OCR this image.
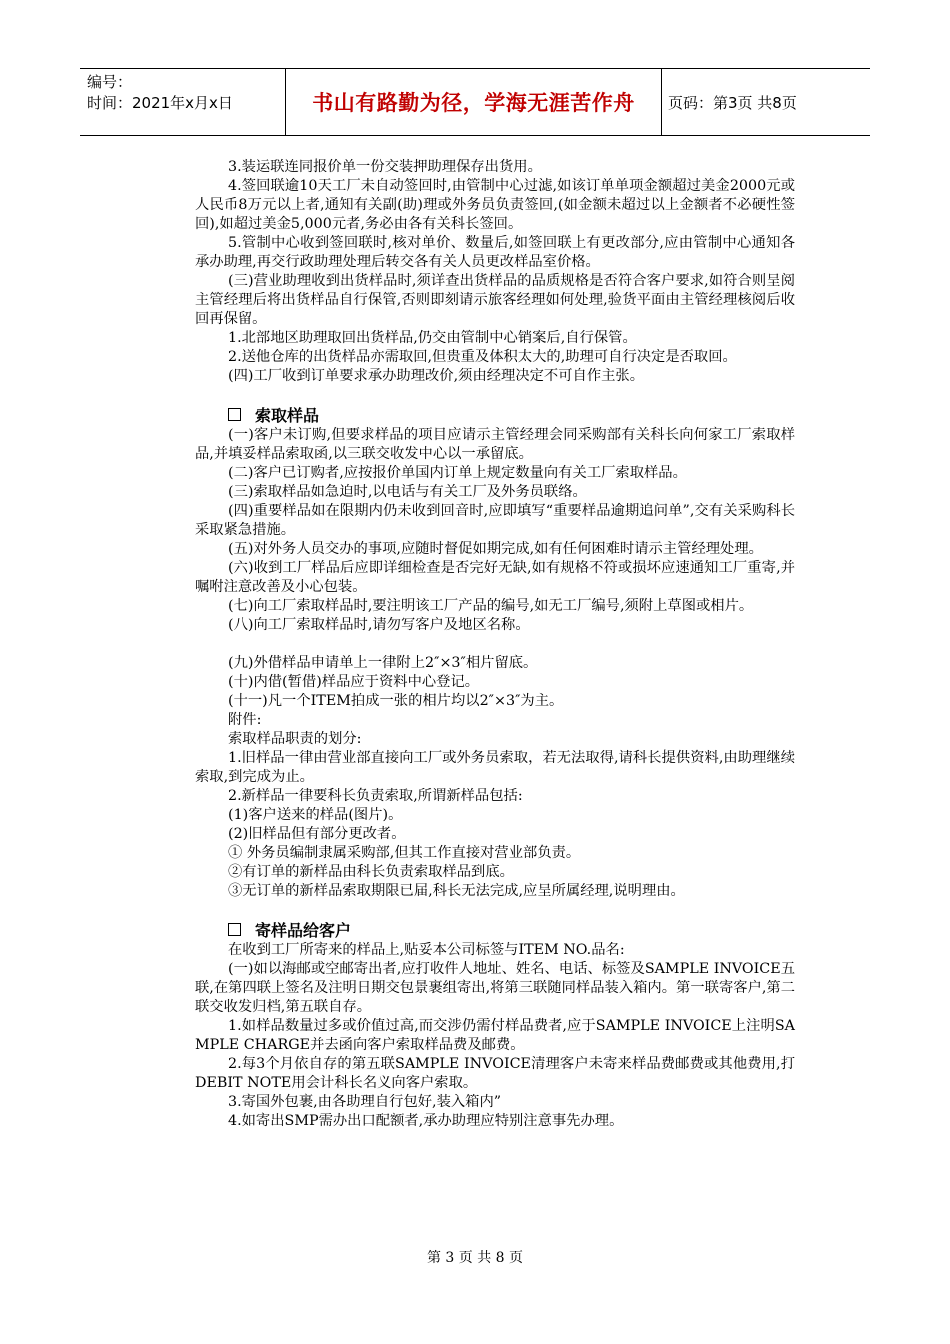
编号：
时间：2021年x月x日	书山有路勤为径，学海无涯苦作舟	页码：第3页 共8页

3.装运联连同报价单一份交装押助理保存出货用。

4.签回联逾10天工厂未自动签回时,由管制中心过滤,如该订单单项金额超过美金2000元或人民币8万元以上者,通知有关副(助)理或外务员负责签回,(如金额未超过以上金额者不必硬性签回),如超过美金5,000元者,务必由各有关科长签回。

5.管制中心收到签回联时,核对单价、数量后,如签回联上有更改部分,应由管制中心通知各承办助理,再交行政助理处理后转交各有关人员更改样品室价格。

(三)营业助理收到出货样品时,须详查出货样品的品质规格是否符合客户要求,如符合则呈阅主管经理后将出货样品自行保管,否则即刻请示旅客经理如何处理,验货平面由主管经理核阅后收回再保留。

1.北部地区助理取回出货样品,仍交由管制中心销案后,自行保管。

2.送他仓库的出货样品亦需取回,但贵重及体积太大的,助理可自行决定是否取回。

(四)工厂收到订单要求承办助理改价,须由经理决定不可自作主张。

索取样品

(一)客户未订购,但要求样品的项目应请示主管经理会同采购部有关科长向何家工厂索取样品,并填妥样品索取函,以三联交收发中心以一承留底。

(二)客户已订购者,应按报价单国内订单上规定数量向有关工厂索取样品。

(三)索取样品如急迫时,以电话与有关工厂及外务员联络。

(四)重要样品如在限期内仍未收到回音时,应即填写“重要样品逾期追问单”,交有关采购科长采取紧急措施。

(五)对外务人员交办的事项,应随时督促如期完成,如有任何困难时请示主管经理处理。

(六)收到工厂样品后应即详细检查是否完好无缺,如有规格不符或损坏应速通知工厂重寄,并嘱咐注意改善及小心包装。

(七)向工厂索取样品时,要注明该工厂产品的编号,如无工厂编号,须附上草图或相片。

(八)向工厂索取样品时,请勿写客户及地区名称。

(九)外借样品申请单上一律附上2″×3″相片留底。

(十)内借(暂借)样品应于资料中心登记。

(十一)凡一个ITEM拍成一张的相片均以2″×3″为主。

附件:

索取样品职责的划分:

1.旧样品一律由营业部直接向工厂或外务员索取，若无法取得,请科长提供资料,由助理继续索取,到完成为止。

2.新样品一律要科长负责索取,所谓新样品包括:

(1)客户送来的样品(图片)。

(2)旧样品但有部分更改者。

① 外务员编制隶属采购部,但其工作直接对营业部负责。

②有订单的新样品由科长负责索取样品到底。

③无订单的新样品索取期限已届,科长无法完成,应呈所属经理,说明理由。

寄样品给客户

在收到工厂所寄来的样品上,贴妥本公司标签与ITEM NO.品名:

(一)如以海邮或空邮寄出者,应打收件人地址、姓名、电话、标签及SAMPLE INVOICE五联,在第四联上签名及注明日期交包景裹组寄出,将第三联随同样品装入箱内。第一联寄客户,第二联交收发归档,第五联自存。

1.如样品数量过多或价值过高,而交涉仍需付样品费者,应于SAMPLE INVOICE上注明SAMPLE CHARGE并去函向客户索取样品费及邮费。

2.每3个月依自存的第五联SAMPLE INVOICE清理客户未寄来样品费邮费或其他费用,打DEBIT NOTE用会计科长名义向客户索取。

3.寄国外包裹,由各助理自行包好,装入箱内”

4.如寄出SMP需办出口配额者,承办助理应特别注意事先办理。

第 3 页 共 8 页
